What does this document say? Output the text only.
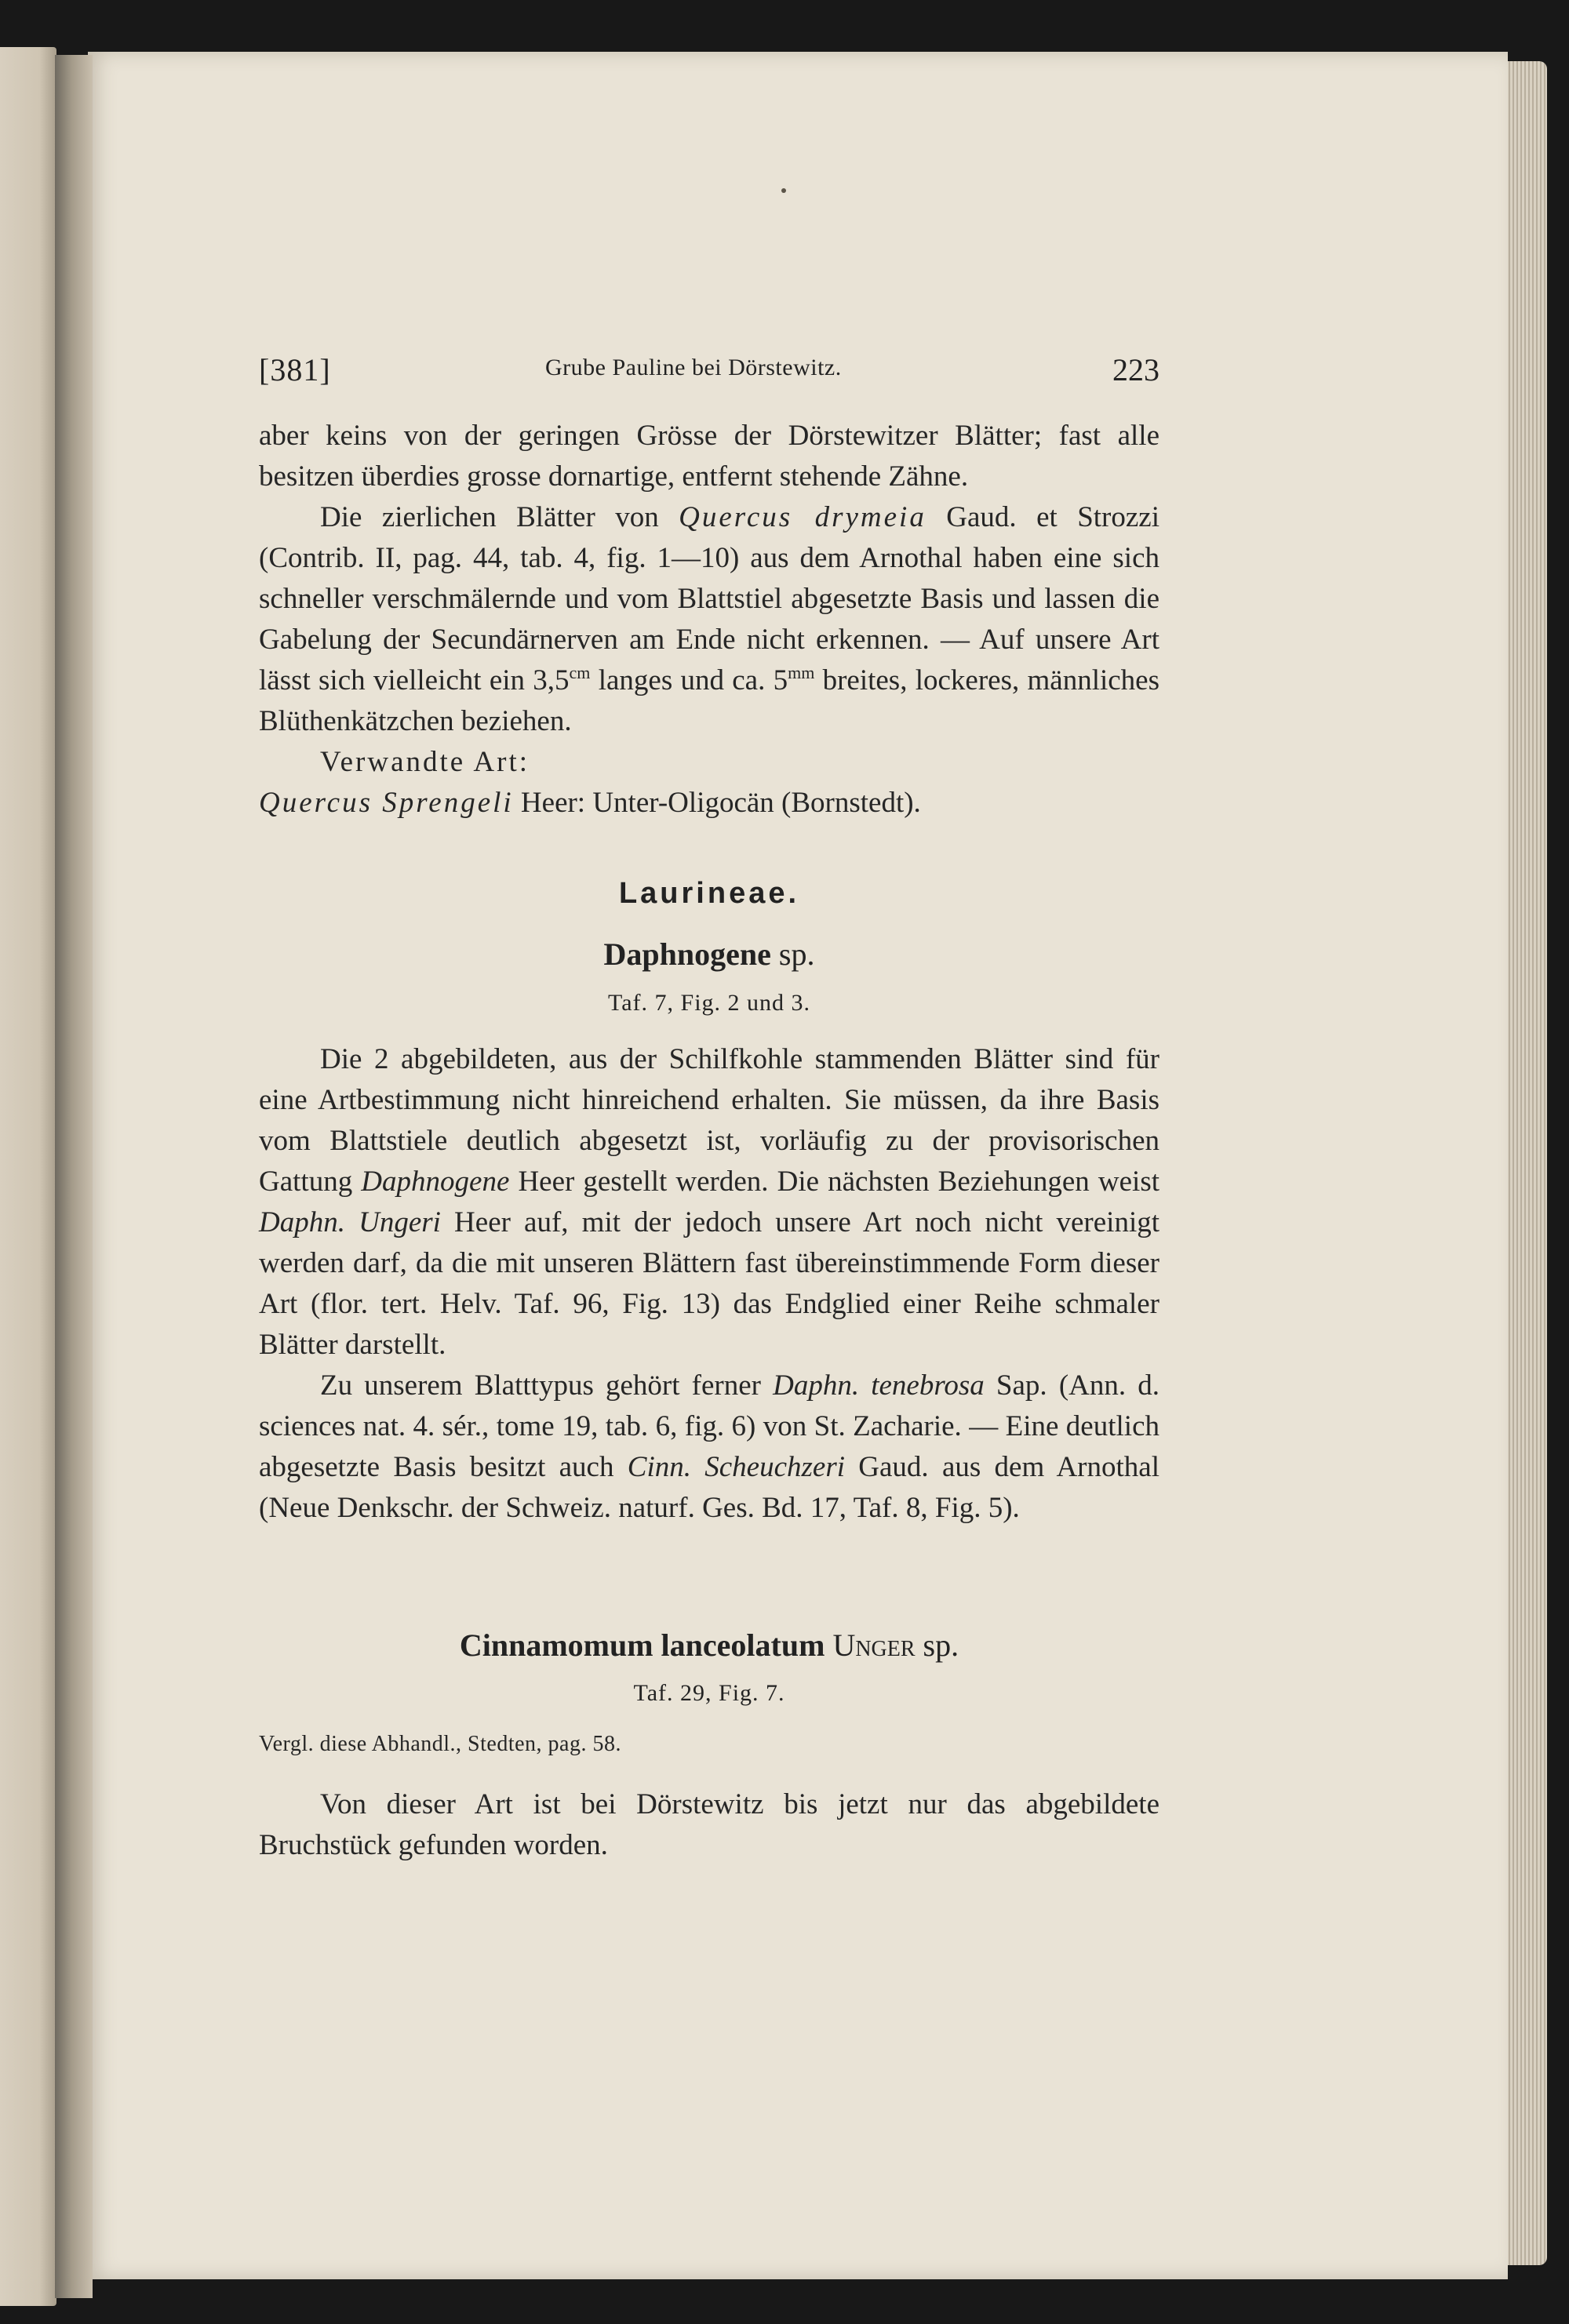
[381]	Grube Pauline bei Dörstewitz.	223

aber keins von der geringen Grösse der Dörstewitzer Blätter; fast alle besitzen überdies grosse dornartige, entfernt stehende Zähne.

Die zierlichen Blätter von Quercus drymeia Gaud. et Strozzi (Contrib. II, pag. 44, tab. 4, fig. 1—10) aus dem Arnothal haben eine sich schneller verschmälernde und vom Blattstiel abgesetzte Basis und lassen die Gabelung der Secundärnerven am Ende nicht erkennen. — Auf unsere Art lässt sich vielleicht ein $3,5^{cm}$ langes und ca. $5^{mm}$ breites, lockeres, männliches Blüthenkätzchen beziehen.

Verwandte Art:

Quercus Sprengeli Heer: Unter-Oligocän (Bornstedt).

Laurineae.
Daphnogene sp.
Taf. 7, Fig. 2 und 3.

Die 2 abgebildeten, aus der Schilfkohle stammenden Blätter sind für eine Artbestimmung nicht hinreichend erhalten. Sie müssen, da ihre Basis vom Blattstiele deutlich abgesetzt ist, vorläufig zu der provisorischen Gattung Daphnogene Heer gestellt werden. Die nächsten Beziehungen weist Daphn. Ungeri Heer auf, mit der jedoch unsere Art noch nicht vereinigt werden darf, da die mit unseren Blättern fast übereinstimmende Form dieser Art (flor. tert. Helv. Taf. 96, Fig. 13) das Endglied einer Reihe schmaler Blätter darstellt.

Zu unserem Blatttypus gehört ferner Daphn. tenebrosa Sap. (Ann. d. sciences nat. 4. sér., tome 19, tab. 6, fig. 6) von St. Zacharie. — Eine deutlich abgesetzte Basis besitzt auch Cinn. Scheuchzeri Gaud. aus dem Arnothal (Neue Denkschr. der Schweiz. naturf. Ges. Bd. 17, Taf. 8, Fig. 5).

Cinnamomum lanceolatum Unger sp.
Taf. 29, Fig. 7.
Vergl. diese Abhandl., Stedten, pag. 58.

Von dieser Art ist bei Dörstewitz bis jetzt nur das abgebildete Bruchstück gefunden worden.
